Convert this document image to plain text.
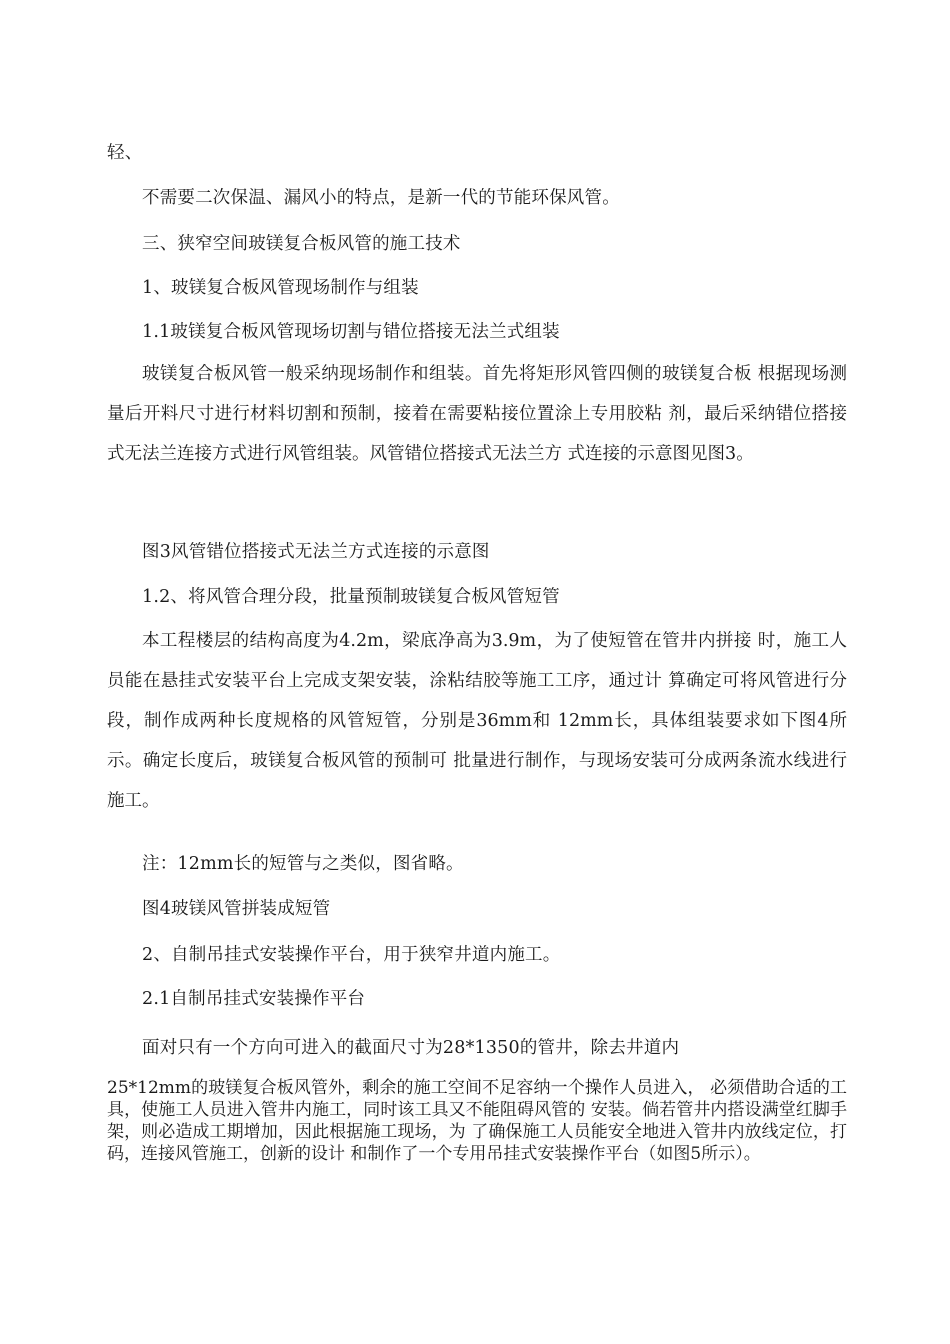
轻、
不需要二次保温、漏风小的特点，是新一代的节能环保风管。
三、狭窄空间玻镁复合板风管的施工技术
1、玻镁复合板风管现场制作与组装
1.1玻镁复合板风管现场切割与错位搭接无法兰式组装
玻镁复合板风管一般采纳现场制作和组装。首先将矩形风管四侧的玻镁复合板 根据现场测量后开料尺寸进行材料切割和预制，接着在需要粘接位置涂上专用胶粘 剂，最后采纳错位搭接式无法兰连接方式进行风管组装。风管错位搭接式无法兰方 式连接的示意图见图3。
图3风管错位搭接式无法兰方式连接的示意图
1.2、将风管合理分段，批量预制玻镁复合板风管短管
本工程楼层的结构高度为4.2m，梁底净高为3.9m，为了使短管在管井内拼接 时，施工人员能在悬挂式安装平台上完成支架安装，涂粘结胶等施工工序，通过计 算确定可将风管进行分段，制作成两种长度规格的风管短管，分别是36mm和 12mm长，具体组装要求如下图4所示。确定长度后，玻镁复合板风管的预制可 批量进行制作，与现场安装可分成两条流水线进行施工。
注：12mm长的短管与之类似，图省略。
图4玻镁风管拼装成短管
2、自制吊挂式安装操作平台，用于狭窄井道内施工。
2.1自制吊挂式安装操作平台
面对只有一个方向可进入的截面尺寸为28*1350的管井，除去井道内
25*12mm的玻镁复合板风管外，剩余的施工空间不足容纳一个操作人员进入， 必须借助合适的工具，使施工人员进入管井内施工，同时该工具又不能阻碍风管的 安装。倘若管井内搭设满堂红脚手架，则必造成工期增加，因此根据施工现场，为 了确保施工人员能安全地进入管井内放线定位，打码，连接风管施工，创新的设计 和制作了一个专用吊挂式安装操作平台（如图5所示）。
